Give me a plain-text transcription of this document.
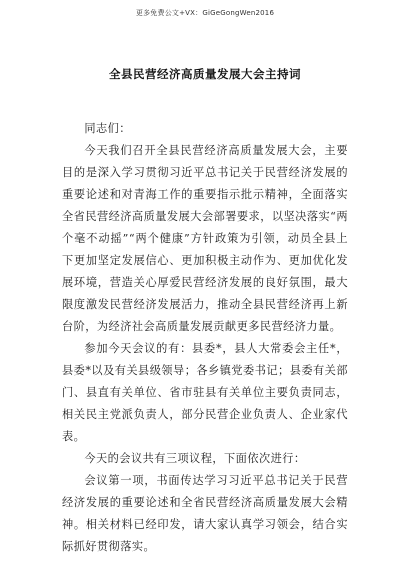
更多免费公文+VX：GiGeGongWen2016
全县民营经济高质量发展大会主持词

同志们：

今天我们召开全县民营经济高质量发展大会，主要目的是深入学习贯彻习近平总书记关于民营经济发展的重要论述和对青海工作的重要指示批示精神，全面落实全省民营经济高质量发展大会部署要求，以坚决落实“两个毫不动摇”“两个健康”方针政策为引领，动员全县上下更加坚定发展信心、更加积极主动作为、更加优化发展环境，营造关心厚爱民营经济发展的良好氛围，最大限度激发民营经济发展活力，推动全县民营经济再上新台阶，为经济社会高质量发展贡献更多民营经济力量。

参加今天会议的有：县委*，县人大常委会主任*，县委*以及有关县级领导；各乡镇党委书记；县委有关部门、县直有关单位、省市驻县有关单位主要负责同志，相关民主党派负责人，部分民营企业负责人、企业家代表。

今天的会议共有三项议程，下面依次进行：

会议第一项，书面传达学习习近平总书记关于民营经济发展的重要论述和全省民营经济高质量发展大会精神。相关材料已经印发，请大家认真学习领会，结合实际抓好贯彻落实。
